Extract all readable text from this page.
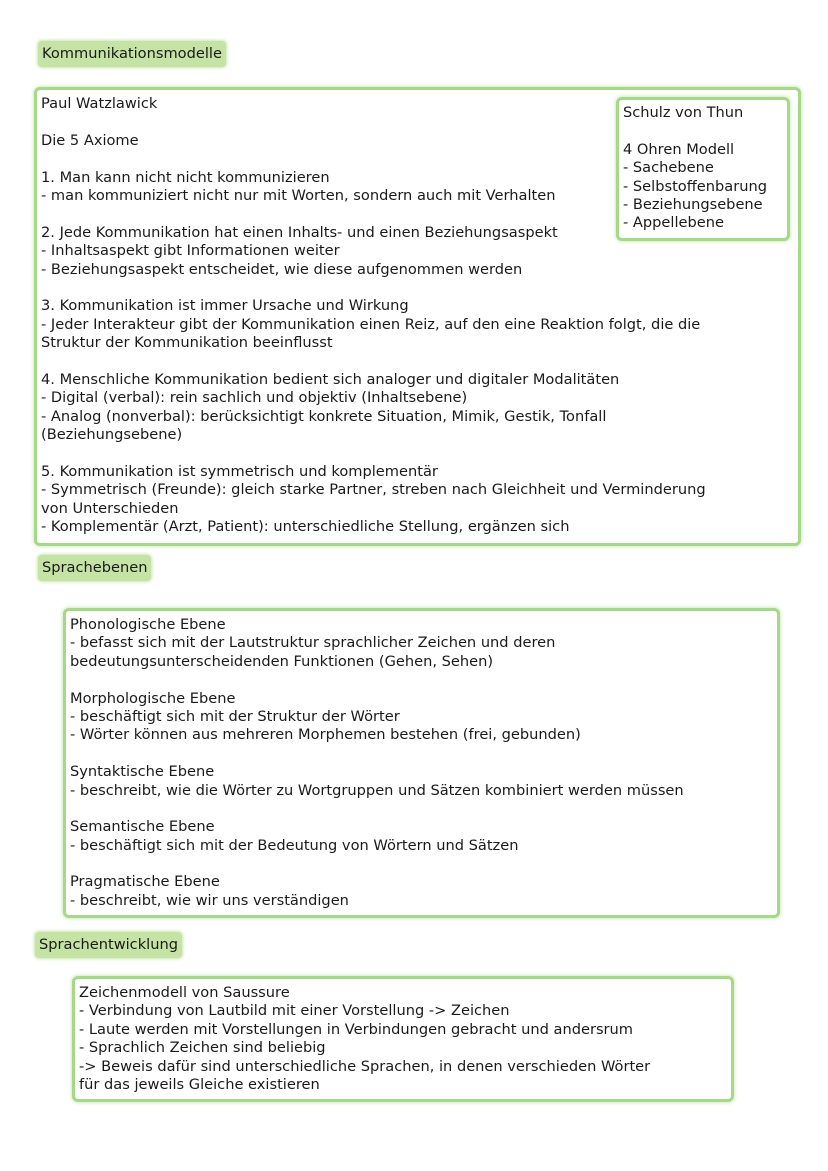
Kommunikationsmodelle
Paul Watzlawick
Die 5 Axiome
1. Man kann nicht nicht kommunizieren
- man kommuniziert nicht nur mit Worten, sondern auch mit Verhalten
2. Jede Kommunikation hat einen Inhalts- und einen Beziehungsaspekt
- Inhaltsaspekt gibt Informationen weiter
- Beziehungsaspekt entscheidet, wie diese aufgenommen werden
3. Kommunikation ist immer Ursache und Wirkung
- Jeder Interakteur gibt der Kommunikation einen Reiz, auf den eine Reaktion folgt, die die
Struktur der Kommunikation beeinflusst
4. Menschliche Kommunikation bedient sich analoger und digitaler Modalitäten
- Digital (verbal): rein sachlich und objektiv (Inhaltsebene)
- Analog (nonverbal): berücksichtigt konkrete Situation, Mimik, Gestik, Tonfall
(Beziehungsebene)
5. Kommunikation ist symmetrisch und komplementär
- Symmetrisch (Freunde): gleich starke Partner, streben nach Gleichheit und Verminderung
von Unterschieden
- Komplementär (Arzt, Patient): unterschiedliche Stellung, ergänzen sich
Schulz von Thun
4 Ohren Modell
- Sachebene
- Selbstoffenbarung
- Beziehungsebene
- Appellebene
Sprachebenen
Phonologische Ebene
- befasst sich mit der Lautstruktur sprachlicher Zeichen und deren
bedeutungsunterscheidenden Funktionen (Gehen, Sehen)
Morphologische Ebene
- beschäftigt sich mit der Struktur der Wörter
- Wörter können aus mehreren Morphemen bestehen (frei, gebunden)
Syntaktische Ebene
- beschreibt, wie die Wörter zu Wortgruppen und Sätzen kombiniert werden müssen
Semantische Ebene
- beschäftigt sich mit der Bedeutung von Wörtern und Sätzen
Pragmatische Ebene
- beschreibt, wie wir uns verständigen
Sprachentwicklung
Zeichenmodell von Saussure
- Verbindung von Lautbild mit einer Vorstellung -> Zeichen
- Laute werden mit Vorstellungen in Verbindungen gebracht und andersrum
- Sprachlich Zeichen sind beliebig
-> Beweis dafür sind unterschiedliche Sprachen, in denen verschieden Wörter
für das jeweils Gleiche existieren
